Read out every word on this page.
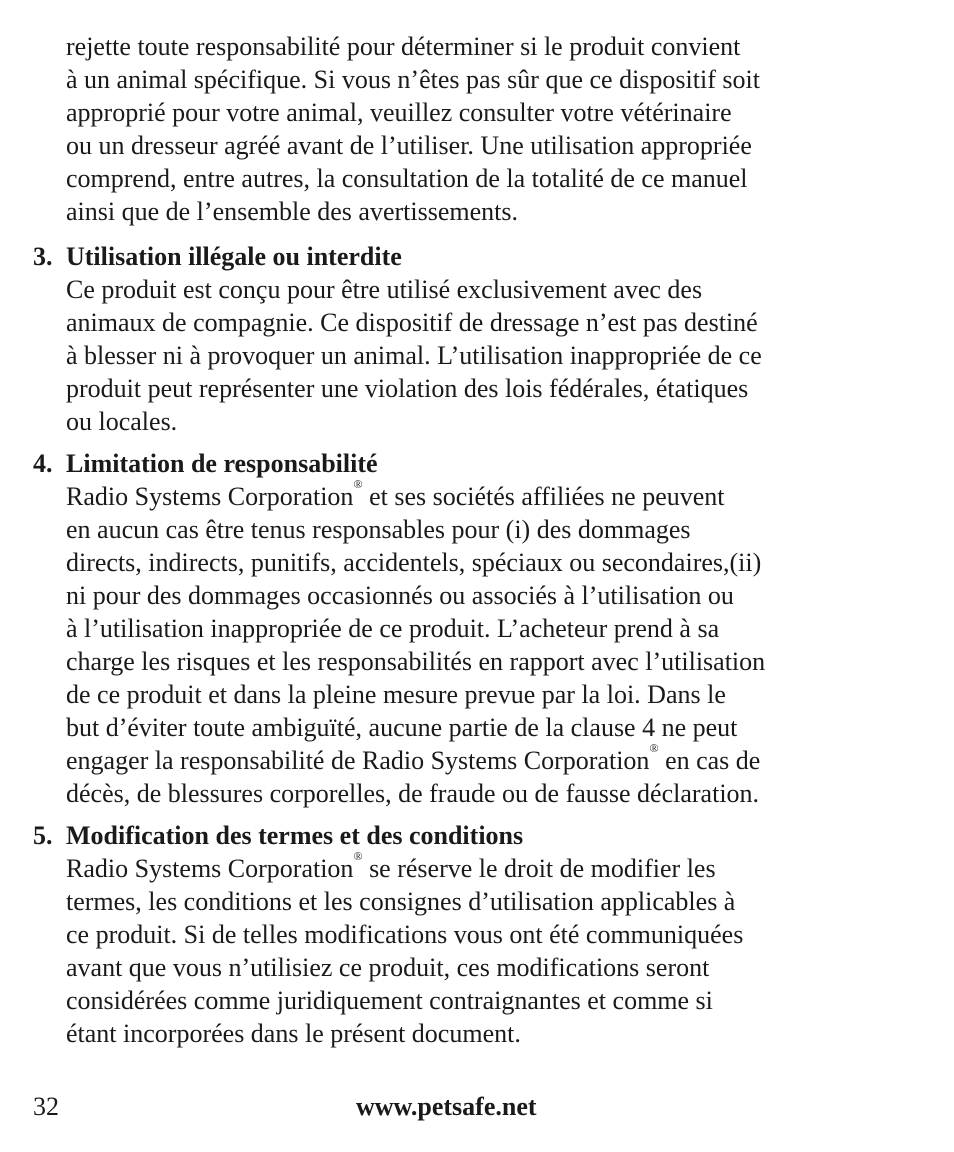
rejette toute responsabilité pour déterminer si le produit convient
à un animal spécifique. Si vous n’êtes pas sûr que ce dispositif soit
approprié pour votre animal, veuillez consulter votre vétérinaire
ou un dresseur agréé avant de l’utiliser. Une utilisation appropriée
comprend, entre autres, la consultation de la totalité de ce manuel
ainsi que de l’ensemble des avertissements.
3. Utilisation illégale ou interdite
Ce produit est conçu pour être utilisé exclusivement avec des
animaux de compagnie. Ce dispositif de dressage n’est pas destiné
à blesser ni à provoquer un animal. L’utilisation inappropriée de ce
produit peut représenter une violation des lois fédérales, étatiques
ou locales.
4. Limitation de responsabilité
Radio Systems Corporation® et ses sociétés affiliées ne peuvent
en aucun cas être tenus responsables pour (i) des dommages
directs, indirects, punitifs, accidentels, spéciaux ou secondaires,(ii)
ni pour des dommages occasionnés ou associés à l’utilisation ou
à l’utilisation inappropriée de ce produit. L’acheteur prend à sa
charge les risques et les responsabilités en rapport avec l’utilisation
de ce produit et dans la pleine mesure prevue par la loi. Dans le
but d’éviter toute ambiguïté, aucune partie de la clause 4 ne peut
engager la responsabilité de Radio Systems Corporation® en cas de
décès, de blessures corporelles, de fraude ou de fausse déclaration.
5. Modification des termes et des conditions
Radio Systems Corporation® se réserve le droit de modifier les
termes, les conditions et les consignes d’utilisation applicables à
ce produit. Si de telles modifications vous ont été communiquées
avant que vous n’utilisiez ce produit, ces modifications seront
considérées comme juridiquement contraignantes et comme si
étant incorporées dans le présent document.
32	www.petsafe.net
